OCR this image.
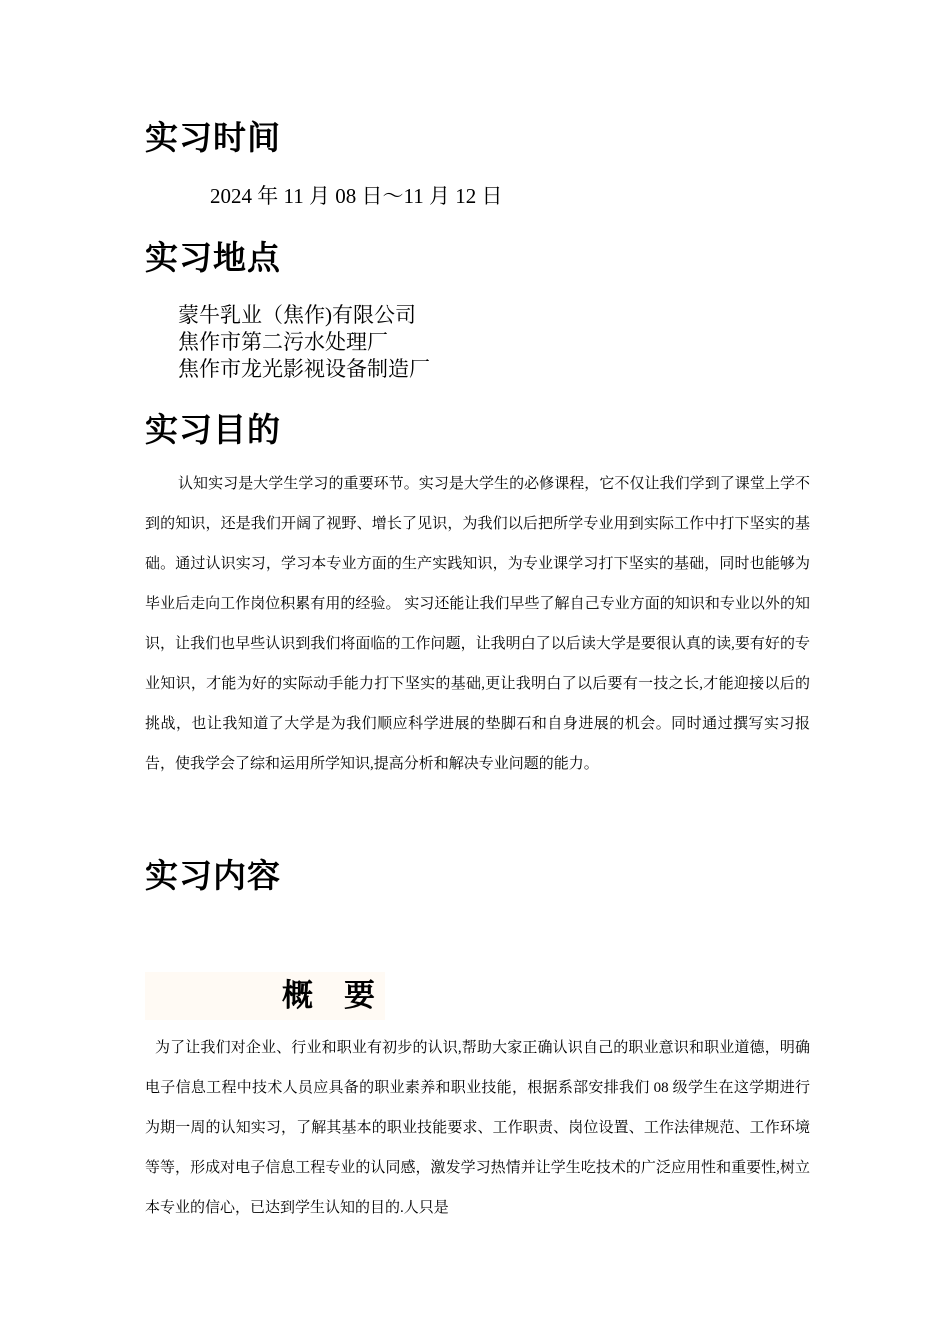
实习时间

2024 年 11 月 08 日～11 月 12 日

实习地点
蒙牛乳业（焦作)有限公司
焦作市第二污水处理厂
焦作市龙光影视设备制造厂
实习目的

认知实习是大学生学习的重要环节。实习是大学生的必修课程，它不仅让我们学到了课堂上学不到的知识，还是我们开阔了视野、增长了见识，为我们以后把所学专业用到实际工作中打下坚实的基础。通过认识实习，学习本专业方面的生产实践知识，为专业课学习打下坚实的基础，同时也能够为毕业后走向工作岗位积累有用的经验。 实习还能让我们早些了解自己专业方面的知识和专业以外的知识，让我们也早些认识到我们将面临的工作问题，让我明白了以后读大学是要很认真的读,要有好的专业知识，才能为好的实际动手能力打下坚实的基础,更让我明白了以后要有一技之长,才能迎接以后的挑战，也让我知道了大学是为我们顺应科学进展的垫脚石和自身进展的机会。同时通过撰写实习报告，使我学会了综和运用所学知识,提高分析和解决专业问题的能力。

实习内容
概　要

为了让我们对企业、行业和职业有初步的认识,帮助大家正确认识自己的职业意识和职业道德，明确电子信息工程中技术人员应具备的职业素养和职业技能，根据系部安排我们 08 级学生在这学期进行为期一周的认知实习，了解其基本的职业技能要求、工作职责、岗位设置、工作法律规范、工作环境等等，形成对电子信息工程专业的认同感，激发学习热情并让学生吃技术的广泛应用性和重要性,树立本专业的信心，已达到学生认知的目的.人只是
